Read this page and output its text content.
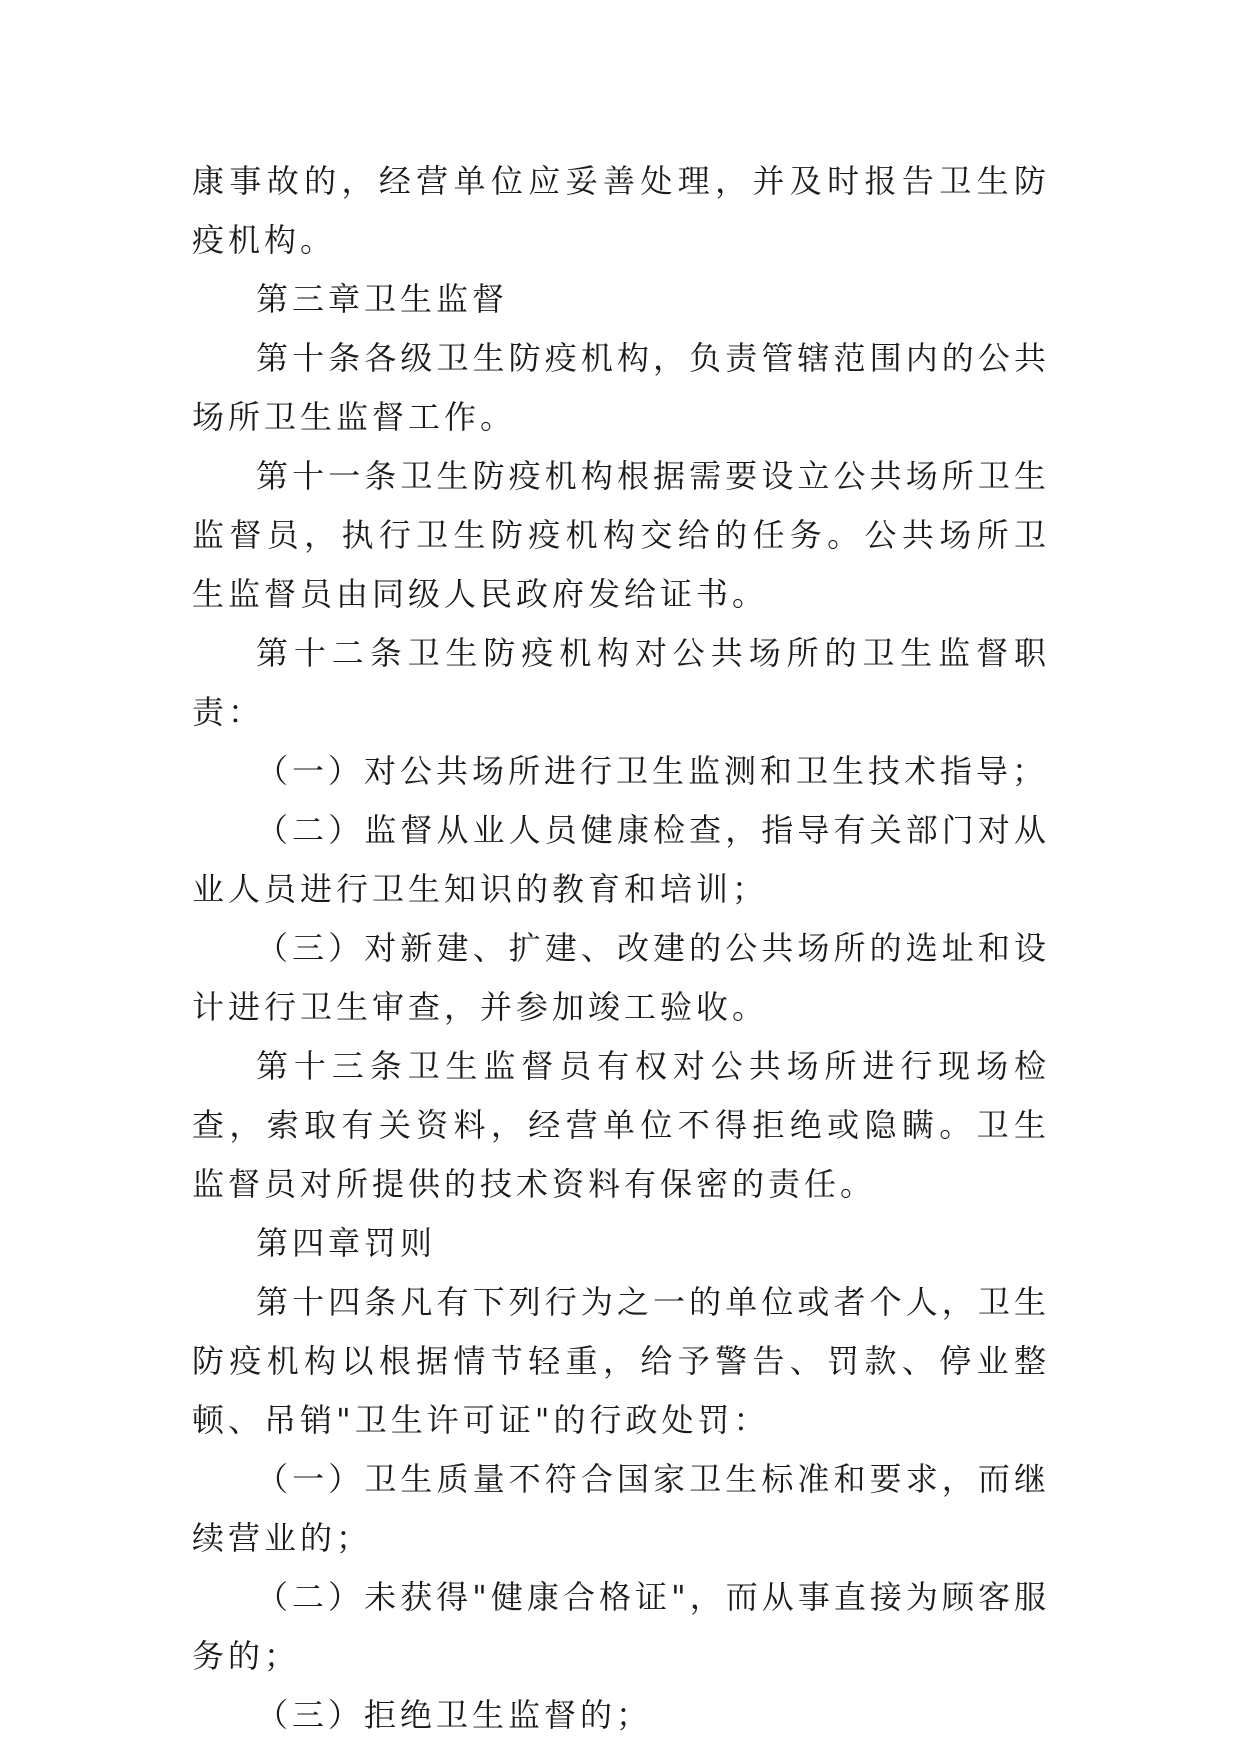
康事故的，经营单位应妥善处理，并及时报告卫生防疫机构。

第三章卫生监督

第十条各级卫生防疫机构，负责管辖范围内的公共场所卫生监督工作。

第十一条卫生防疫机构根据需要设立公共场所卫生监督员，执行卫生防疫机构交给的任务。公共场所卫生监督员由同级人民政府发给证书。

第十二条卫生防疫机构对公共场所的卫生监督职责：

（一）对公共场所进行卫生监测和卫生技术指导；

（二）监督从业人员健康检查，指导有关部门对从业人员进行卫生知识的教育和培训；

（三）对新建、扩建、改建的公共场所的选址和设计进行卫生审查，并参加竣工验收。

第十三条卫生监督员有权对公共场所进行现场检查，索取有关资料，经营单位不得拒绝或隐瞒。卫生监督员对所提供的技术资料有保密的责任。

第四章罚则

第十四条凡有下列行为之一的单位或者个人，卫生防疫机构以根据情节轻重，给予警告、罚款、停业整顿、吊销"卫生许可证"的行政处罚：

（一）卫生质量不符合国家卫生标准和要求，而继续营业的；

（二）未获得"健康合格证"，而从事直接为顾客服务的；

（三）拒绝卫生监督的；
